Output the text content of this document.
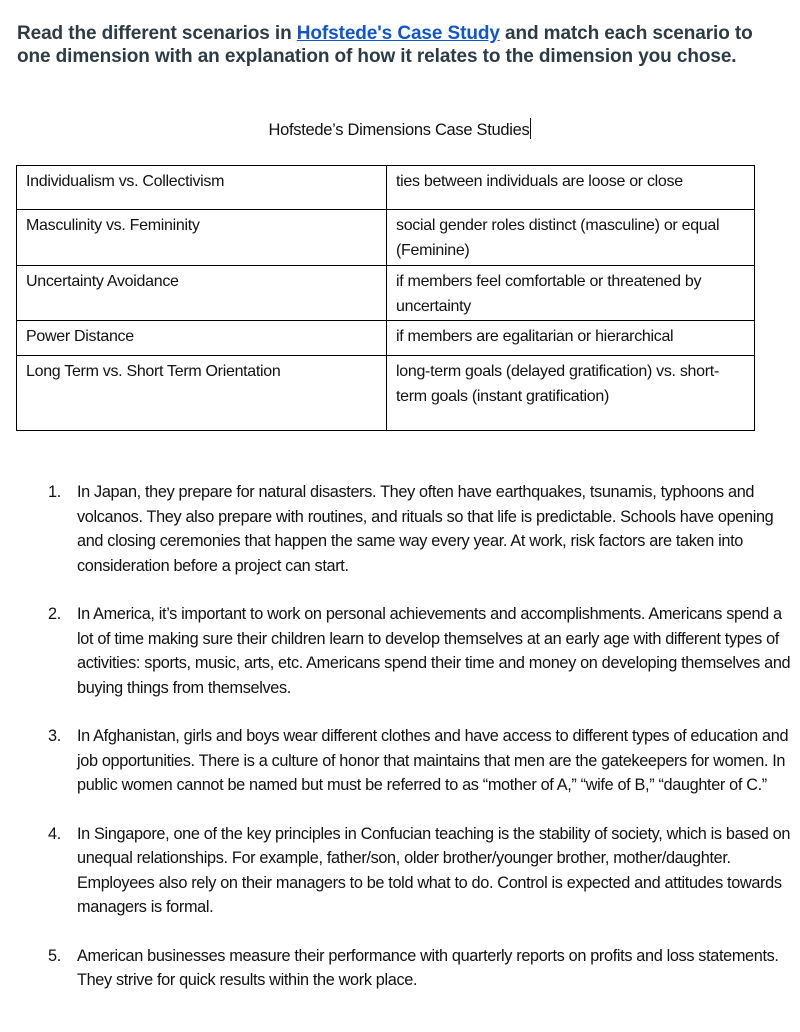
Read the different scenarios in Hofstede's Case Study and match each scenario to one dimension with an explanation of how it relates to the dimension you chose.
Hofstede’s Dimensions Case Studies
Individualism vs. Collectivism	ties between individuals are loose or close
Masculinity vs. Femininity	social gender roles distinct (masculine) or equal (Feminine)
Uncertainty Avoidance	if members feel comfortable or threatened by uncertainty
Power Distance	if members are egalitarian or hierarchical
Long Term vs. Short Term Orientation	long-term goals (delayed gratification) vs. short-term goals (instant gratification)
1. In Japan, they prepare for natural disasters. They often have earthquakes, tsunamis, typhoons and volcanos. They also prepare with routines, and rituals so that life is predictable. Schools have opening and closing ceremonies that happen the same way every year. At work, risk factors are taken into consideration before a project can start.
2. In America, it’s important to work on personal achievements and accomplishments. Americans spend a lot of time making sure their children learn to develop themselves at an early age with different types of activities: sports, music, arts, etc. Americans spend their time and money on developing themselves and buying things from themselves.
3. In Afghanistan, girls and boys wear different clothes and have access to different types of education and job opportunities. There is a culture of honor that maintains that men are the gatekeepers for women. In public women cannot be named but must be referred to as “mother of A,” “wife of B,” “daughter of C.”
4. In Singapore, one of the key principles in Confucian teaching is the stability of society, which is based on unequal relationships. For example, father/son, older brother/younger brother, mother/daughter. Employees also rely on their managers to be told what to do. Control is expected and attitudes towards managers is formal.
5. American businesses measure their performance with quarterly reports on profits and loss statements. They strive for quick results within the work place.
